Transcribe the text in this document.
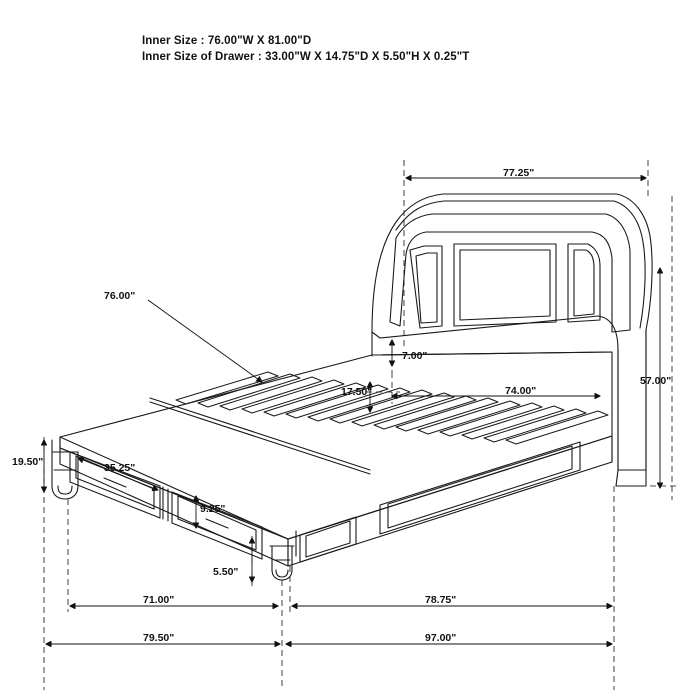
Inner Size : 76.00"W X 81.00"D
Inner Size of Drawer : 33.00"W X 14.75"D X 5.50"H X 0.25"T
77.25"
76.00"
57.00"
7.00"
74.00"
17.50"
19.50"	35.25"
9.25"
5.50"
71.00"	78.75"
79.50"	97.00"
